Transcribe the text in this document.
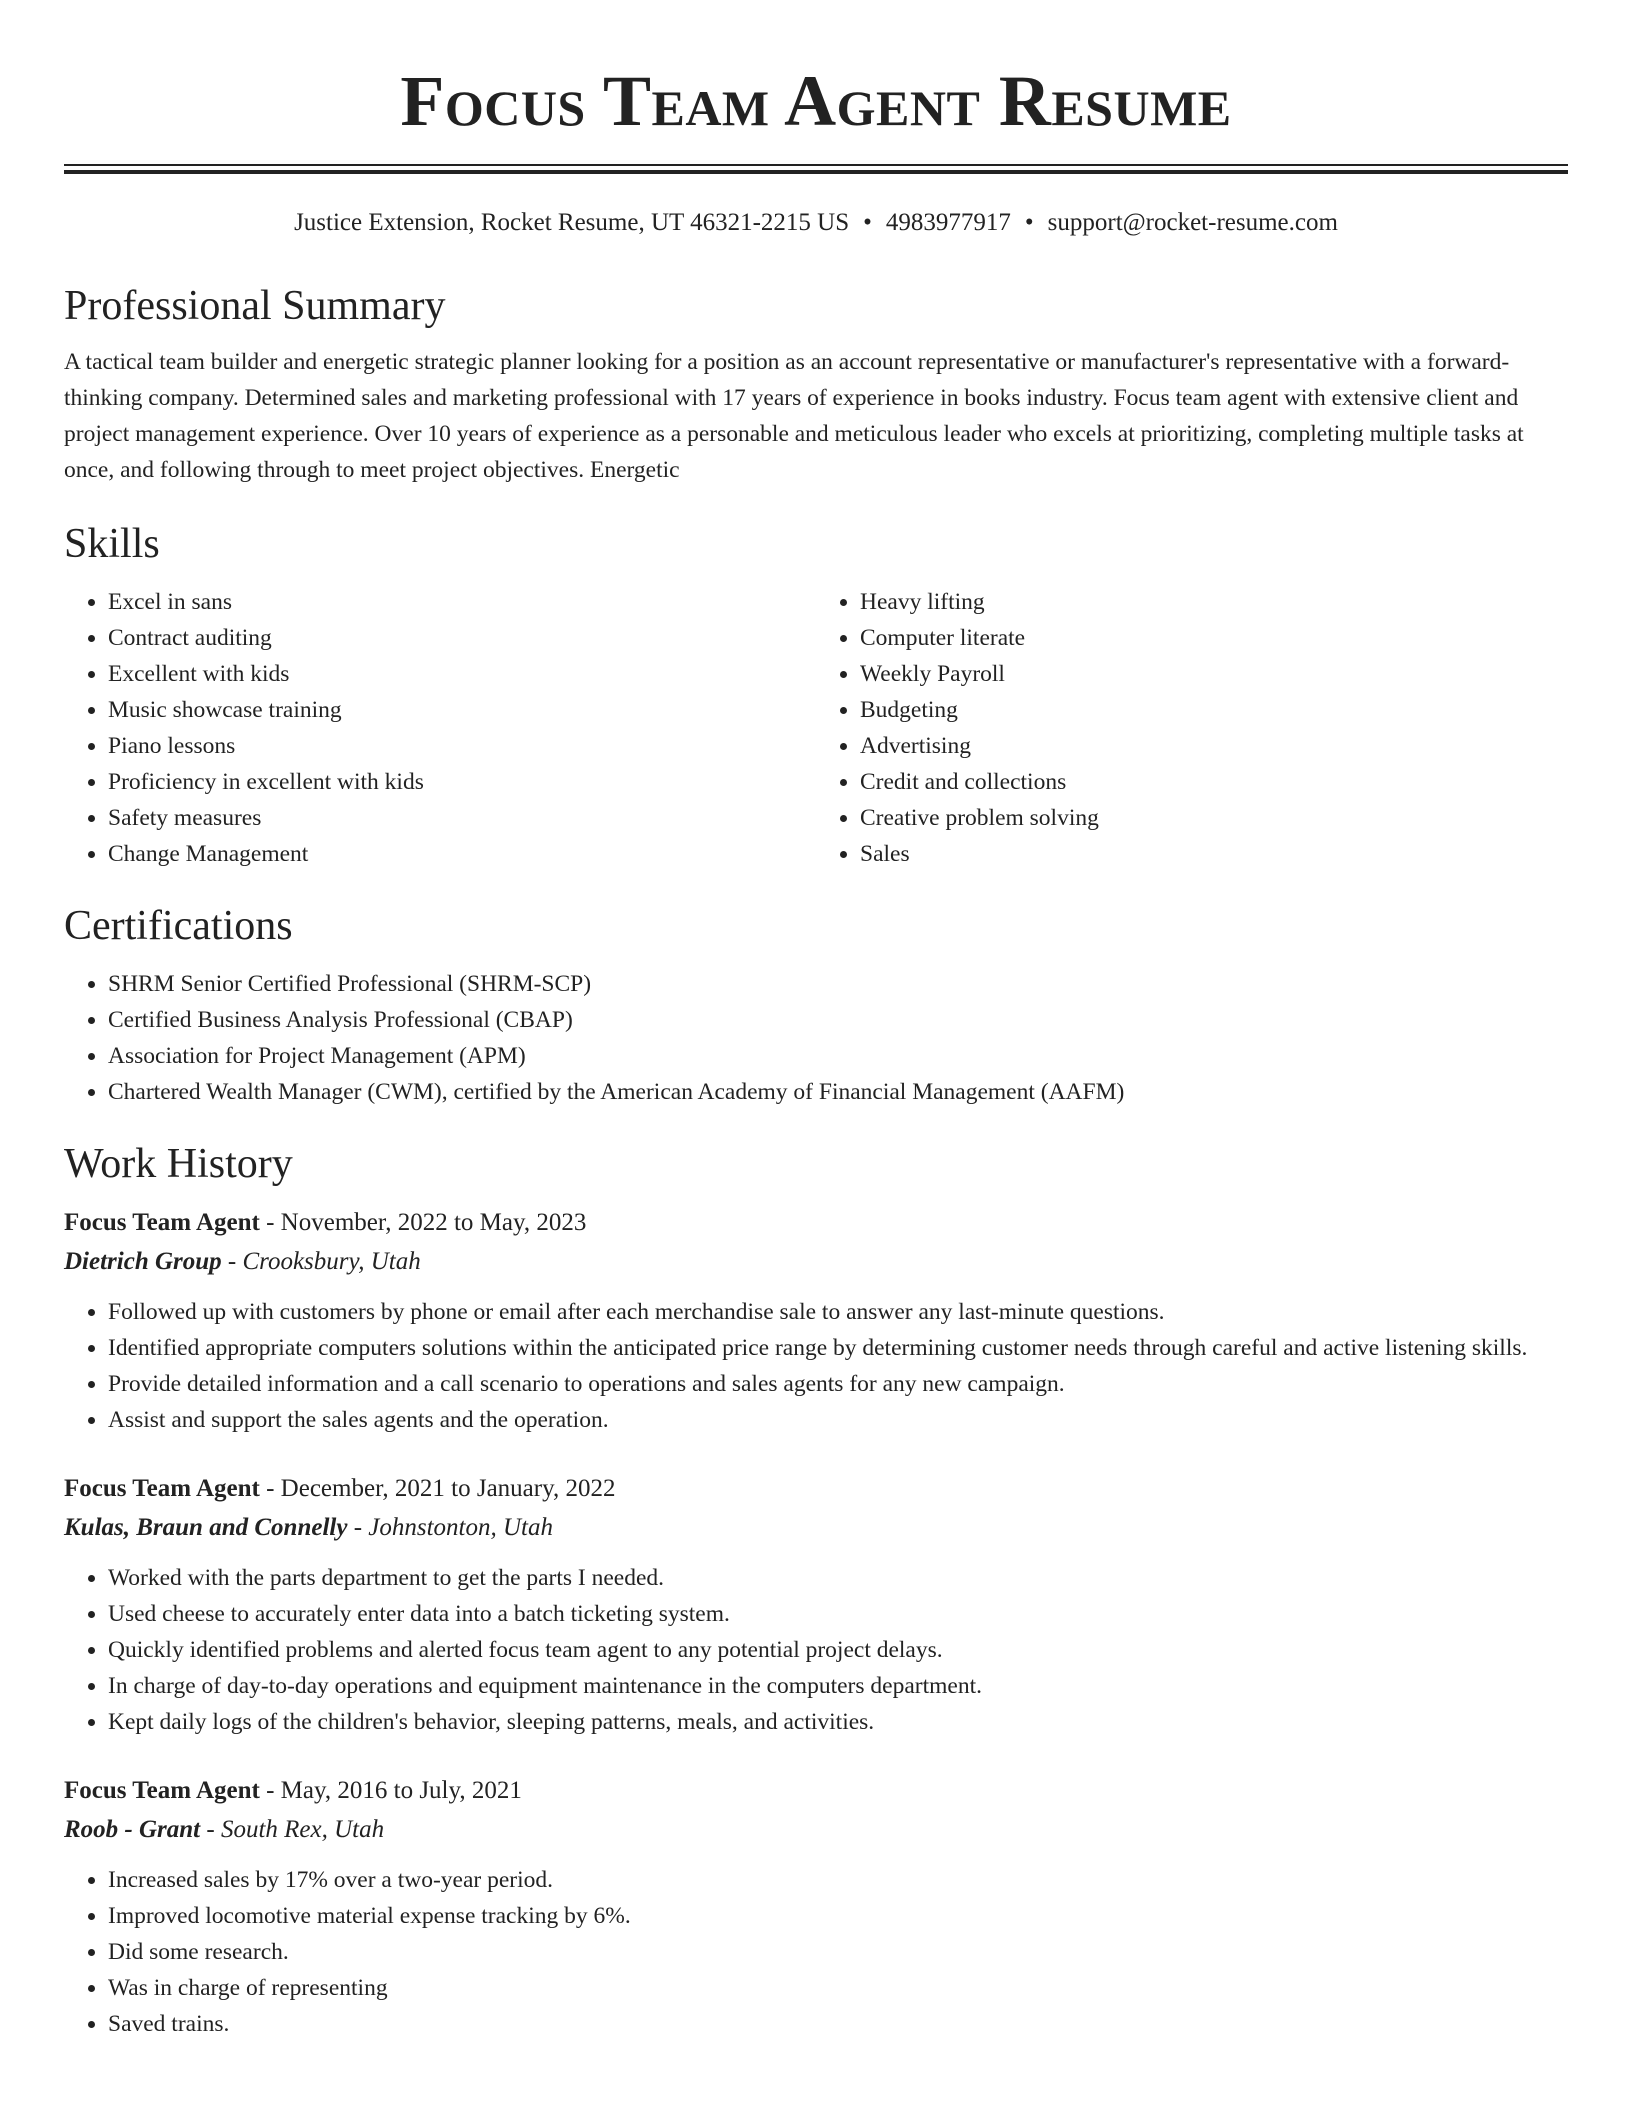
Focus Team Agent Resume
Justice Extension, Rocket Resume, UT 46321-2215 US • 4983977917 • support@rocket-resume.com
Professional Summary

A tactical team builder and energetic strategic planner looking for a position as an account representative or manufacturer's representative with a forward-thinking company. Determined sales and marketing professional with 17 years of experience in books industry. Focus team agent with extensive client and project management experience. Over 10 years of experience as a personable and meticulous leader who excels at prioritizing, completing multiple tasks at once, and following through to meet project objectives. Energetic

Skills
• Excel in sans
• Contract auditing
• Excellent with kids
• Music showcase training
• Piano lessons
• Proficiency in excellent with kids
• Safety measures
• Change Management
• Heavy lifting
• Computer literate
• Weekly Payroll
• Budgeting
• Advertising
• Credit and collections
• Creative problem solving
• Sales
Certifications
• SHRM Senior Certified Professional (SHRM-SCP)
• Certified Business Analysis Professional (CBAP)
• Association for Project Management (APM)
• Chartered Wealth Manager (CWM), certified by the American Academy of Financial Management (AAFM)
Work History
Focus Team Agent - November, 2022 to May, 2023
Dietrich Group - Crooksbury, Utah
• Followed up with customers by phone or email after each merchandise sale to answer any last-minute questions.
• Identified appropriate computers solutions within the anticipated price range by determining customer needs through careful and active listening skills.
• Provide detailed information and a call scenario to operations and sales agents for any new campaign.
• Assist and support the sales agents and the operation.
Focus Team Agent - December, 2021 to January, 2022
Kulas, Braun and Connelly - Johnstonton, Utah
• Worked with the parts department to get the parts I needed.
• Used cheese to accurately enter data into a batch ticketing system.
• Quickly identified problems and alerted focus team agent to any potential project delays.
• In charge of day-to-day operations and equipment maintenance in the computers department.
• Kept daily logs of the children's behavior, sleeping patterns, meals, and activities.
Focus Team Agent - May, 2016 to July, 2021
Roob - Grant - South Rex, Utah
• Increased sales by 17% over a two-year period.
• Improved locomotive material expense tracking by 6%.
• Did some research.
• Was in charge of representing
• Saved trains.
